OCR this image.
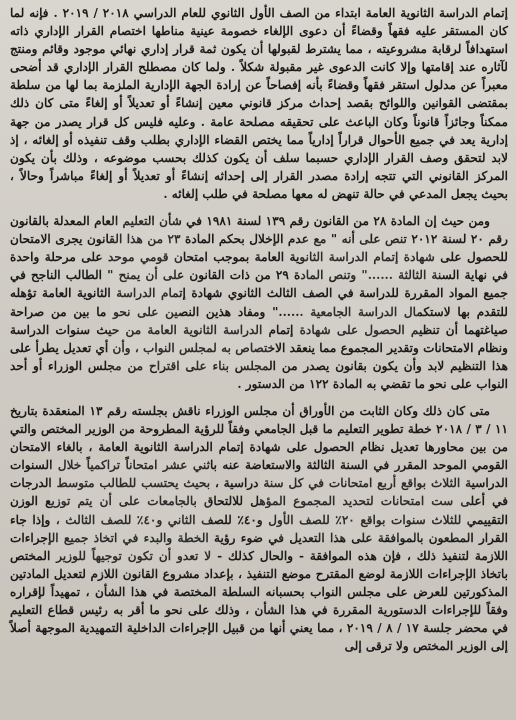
إتمام الدراسة الثانوية العامة ابتداء من الصف الأول الثانوي للعام الدراسي ٢٠١٨ / ٢٠١٩ . فإنه لما كان المستقر عليه فقهاً وقضاءً أن دعوى الإلغاء خصومة عينية مناطها اختصام القرار الإداري ذاته استهدافاً لرقابة مشروعيته ، مما يشترط لقبولها أن يكون ثمة قرار إداري نهائي موجود وقائم ومنتج لآثاره عند إقامتها وإلا كانت الدعوى غير مقبولة شكلاً . ولما كان مصطلح القرار الإداري قد أضحى معبراً عن مدلول استقر فقهاً وقضاءً بأنه إفصاحاً عن إرادة الجهة الإدارية الملزمة بما لها من سلطة بمقتضى القوانين واللوائح بقصد إحداث مركز قانوني معين إنشاءً أو تعديلاً أو إلغاءً متى كان ذلك ممكناً وجائزاً قانوناً وكان الباعث على تحقيقه مصلحة عامة . وعليه فليس كل قرار يصدر من جهة إدارية يعد في جميع الأحوال قراراً إدارياً مما يختص القضاء الإداري بطلب وقف تنفيذه أو إلغائه ، إذ لابد لتحقق وصف القرار الإداري حسبما سلف أن يكون كذلك بحسب موضوعه ، وذلك بأن يكون المركز القانوني التي تتجه إرادة مصدر القرار إلى إحداثه إنشاءً أو تعديلاً أو إلغاءً مباشراً وحالاً ، بحيث يجعل المدعي في حالة تنهض له معها مصلحة في طلب إلغائه .

ومن حيث إن المادة ٢٨ من القانون رقم ١٣٩ لسنة ١٩٨١ في شأن التعليم العام المعدلة بالقانون رقم ٢٠ لسنة ٢٠١٢ تنص على أنه " مع عدم الإخلال بحكم المادة ٢٣ من هذا القانون يجرى الامتحان للحصول على شهادة إتمام الدراسة الثانوية العامة بموجب امتحان قومي موحد على مرحلة واحدة في نهاية السنة الثالثة ......" وتنص المادة ٢٩ من ذات القانون على أن يمنح " الطالب الناجح في جميع المواد المقررة للدراسة في الصف الثالث الثانوي شهادة إتمام الدراسة الثانوية العامة تؤهله للتقدم بها لاستكمال الدراسة الجامعية ......" ومفاد هذين النصين على نحو ما بين من صراحة صياغتهما أن تنظيم الحصول على شهادة إتمام الدراسة الثانوية العامة من حيث سنوات الدراسة ونظام الامتحانات وتقدير المجموع مما ينعقد الاختصاص به لمجلس النواب ، وأن أي تعديل يطرأ على هذا التنظيم لابد وأن يكون بقانون يصدر من المجلس بناء على اقتراح من مجلس الوزراء أو أحد النواب على نحو ما تقضي به المادة ١٢٢ من الدستور .

متى كان ذلك وكان الثابت من الأوراق أن مجلس الوزراء ناقش بجلسته رقم ١٣ المنعقدة بتاريخ ١١ / ٣ / ٢٠١٨ خطة تطوير التعليم ما قبل الجامعي وفقاً للرؤية المطروحة من الوزير المختص والتي من بين محاورها تعديل نظام الحصول على شهادة إتمام الدراسة الثانوية العامة ، بالغاء الامتحان القومي الموحد المقرر في السنة الثالثة والاستعاضة عنه باثني عشر امتحاناً تراكمياً خلال السنوات الدراسية الثلاث بواقع أربع امتحانات في كل سنة دراسية ، بحيث يحتسب للطالب متوسط الدرجات في أعلى ست امتحانات لتحديد المجموع المؤهل للالتحاق بالجامعات على أن يتم توزيع الوزن التقييمي للثلاث سنوات بواقع ٢٠٪ للصف الأول و٤٠٪ للصف الثاني و٤٠٪ للصف الثالث ، وإذا جاء القرار المطعون بالموافقة على هذا التعديل في ضوء رؤية الخطة والبدء في اتخاذ جميع الإجراءات اللازمة لتنفيذ ذلك ، فإن هذه الموافقة - والحال كذلك - لا تعدو أن تكون توجيهاً للوزير المختص باتخاذ الإجراءات اللازمة لوضع المقترح موضع التنفيذ ، بإعداد مشروع القانون اللازم لتعديل المادتين المذكورتين للعرض على مجلس النواب بحسبانه السلطة المختصة في هذا الشأن ، تمهيداً لإقراره وفقاً للإجراءات الدستورية المقررة في هذا الشأن ، وذلك على نحو ما أقر به رئيس قطاع التعليم في محضر جلسة ١٧ / ٨ / ٢٠١٩ ، مما يعني أنها من قبيل الإجراءات الداخلية التمهيدية الموجهة أصلاً إلى الوزير المختص ولا ترقى إلى
